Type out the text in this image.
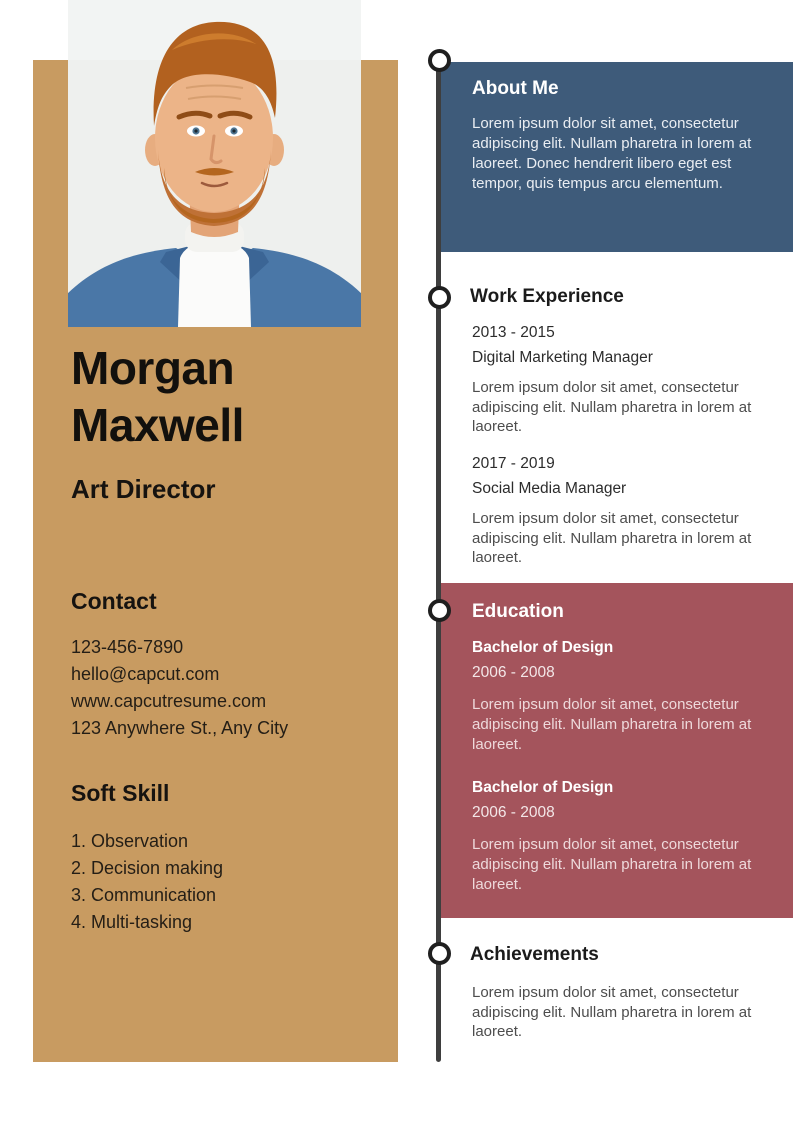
Morgan Maxwell
Art Director
Contact
123-456-7890
hello@capcut.com
www.capcutresume.com
123 Anywhere St., Any City
Soft Skill
1. Observation
2. Decision making
3. Communication
4. Multi-tasking
About Me
Lorem ipsum dolor sit amet, consectetur adipiscing elit. Nullam pharetra in lorem at laoreet. Donec hendrerit libero eget est tempor, quis tempus arcu elementum.
Work Experience
2013 - 2015
Digital Marketing Manager
Lorem ipsum dolor sit amet, consectetur adipiscing elit. Nullam pharetra in lorem at laoreet.
2017 - 2019
Social Media Manager
Lorem ipsum dolor sit amet, consectetur adipiscing elit. Nullam pharetra in lorem at laoreet.
Education
Bachelor of Design
2006 - 2008
Lorem ipsum dolor sit amet, consectetur adipiscing elit. Nullam pharetra in lorem at laoreet.
Bachelor of Design
2006 - 2008
Lorem ipsum dolor sit amet, consectetur adipiscing elit. Nullam pharetra in lorem at laoreet.
Achievements
Lorem ipsum dolor sit amet, consectetur adipiscing elit. Nullam pharetra in lorem at laoreet.
